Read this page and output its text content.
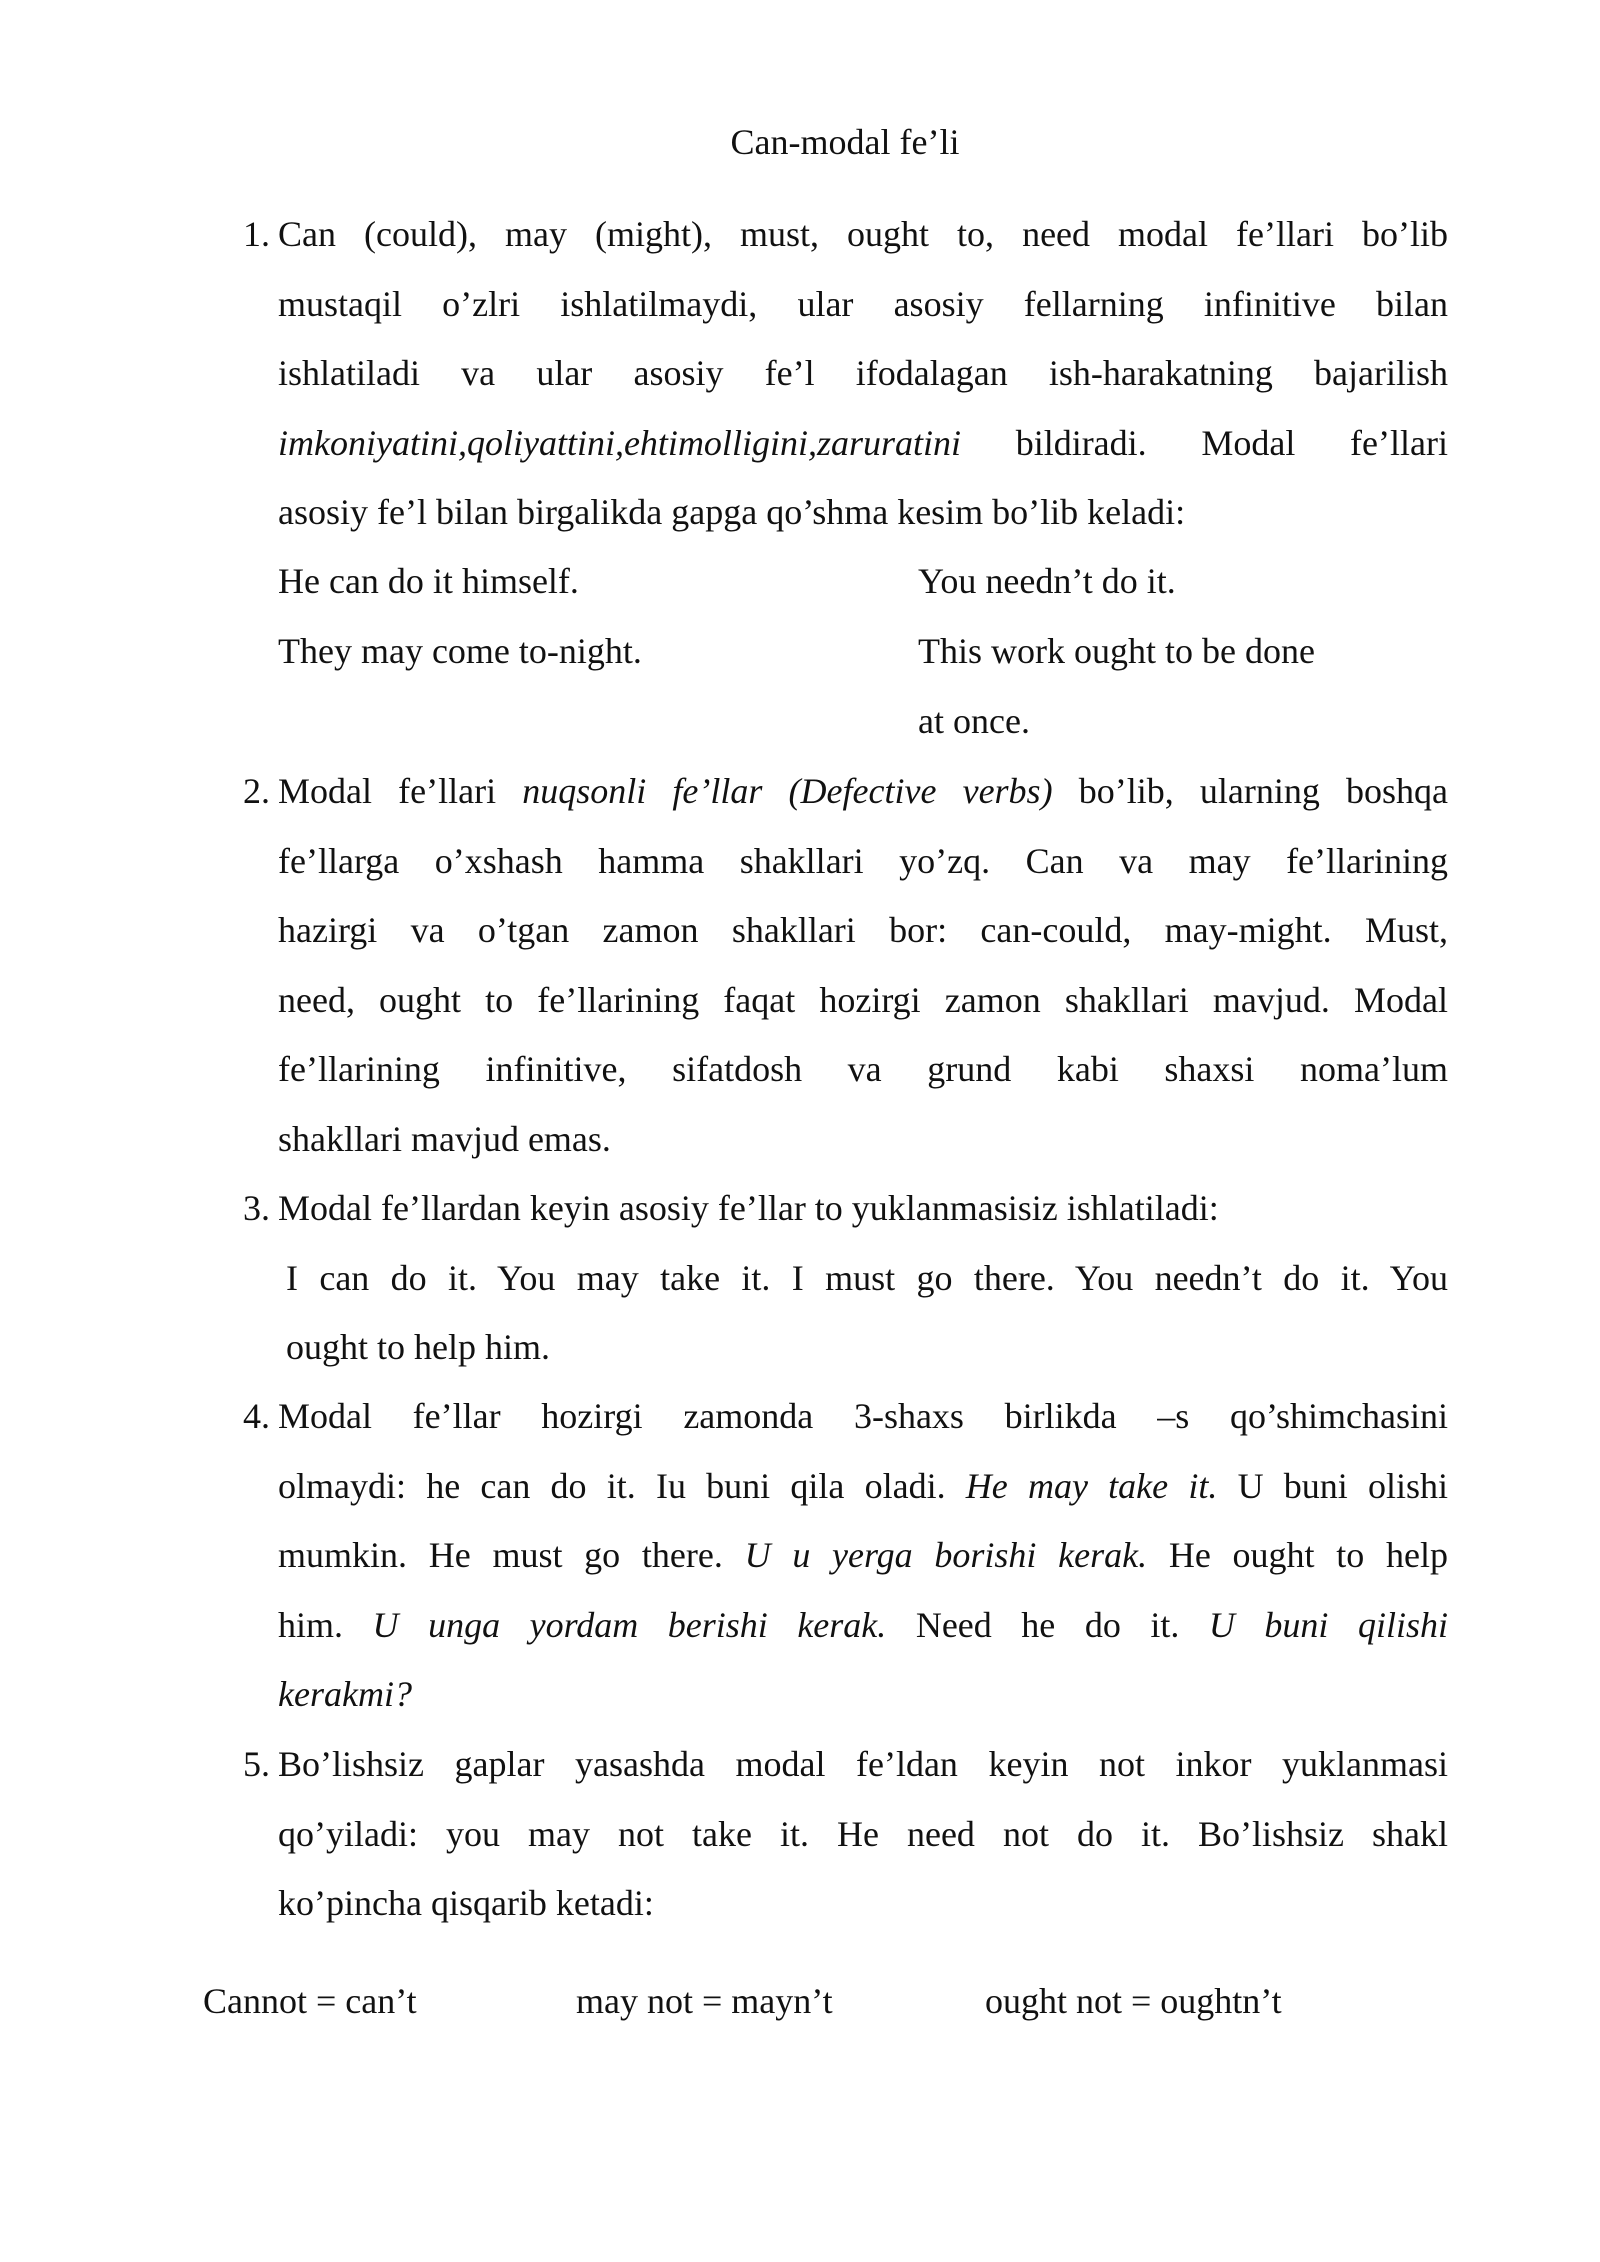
Can-modal fe’li
1. Can (could), may (might), must, ought to, need modal fe’llari bo’lib
mustaqil o’zlri ishlatilmaydi, ular asosiy fellarning infinitive bilan
ishlatiladi va ular asosiy fe’l ifodalagan ish-harakatning bajarilish
imkoniyatini,qoliyattini,ehtimolligini,zaruratini bildiradi. Modal fe’llari
asosiy fe’l bilan birgalikda gapga qo’shma kesim bo’lib keladi:
He can do it himself.
They may come to-night.
You needn’t do it.
This work ought to be done
at once.
2. Modal fe’llari nuqsonli fe’llar (Defective verbs) bo’lib, ularning boshqa
fe’llarga o’xshash hamma shakllari yo’zq. Can va may fe’llarining
hazirgi va o’tgan zamon shakllari bor: can-could, may-might. Must,
need, ought to fe’llarining faqat hozirgi zamon shakllari mavjud. Modal
fe’llarining infinitive, sifatdosh va grund kabi shaxsi noma’lum
shakllari mavjud emas.
3. Modal fe’llardan keyin asosiy fe’llar to yuklanmasisiz ishlatiladi:
I can do it. You may take it. I must go there. You needn’t do it. You
ought to help him.
4. Modal fe’llar hozirgi zamonda 3-shaxs birlikda –s qo’shimchasini
olmaydi: he can do it. Iu buni qila oladi. He may take it. U buni olishi
mumkin. He must go there. U u yerga borishi kerak. He ought to help
him. U unga yordam berishi kerak. Need he do it. U buni qilishi
kerakmi?
5. Bo’lishsiz gaplar yasashda modal fe’ldan keyin not inkor yuklanmasi
qo’yiladi: you may not take it. He need not do it. Bo’lishsiz shakl
ko’pincha qisqarib ketadi:
Cannot = can’t	may not = mayn’t	ought not = oughtn’t
